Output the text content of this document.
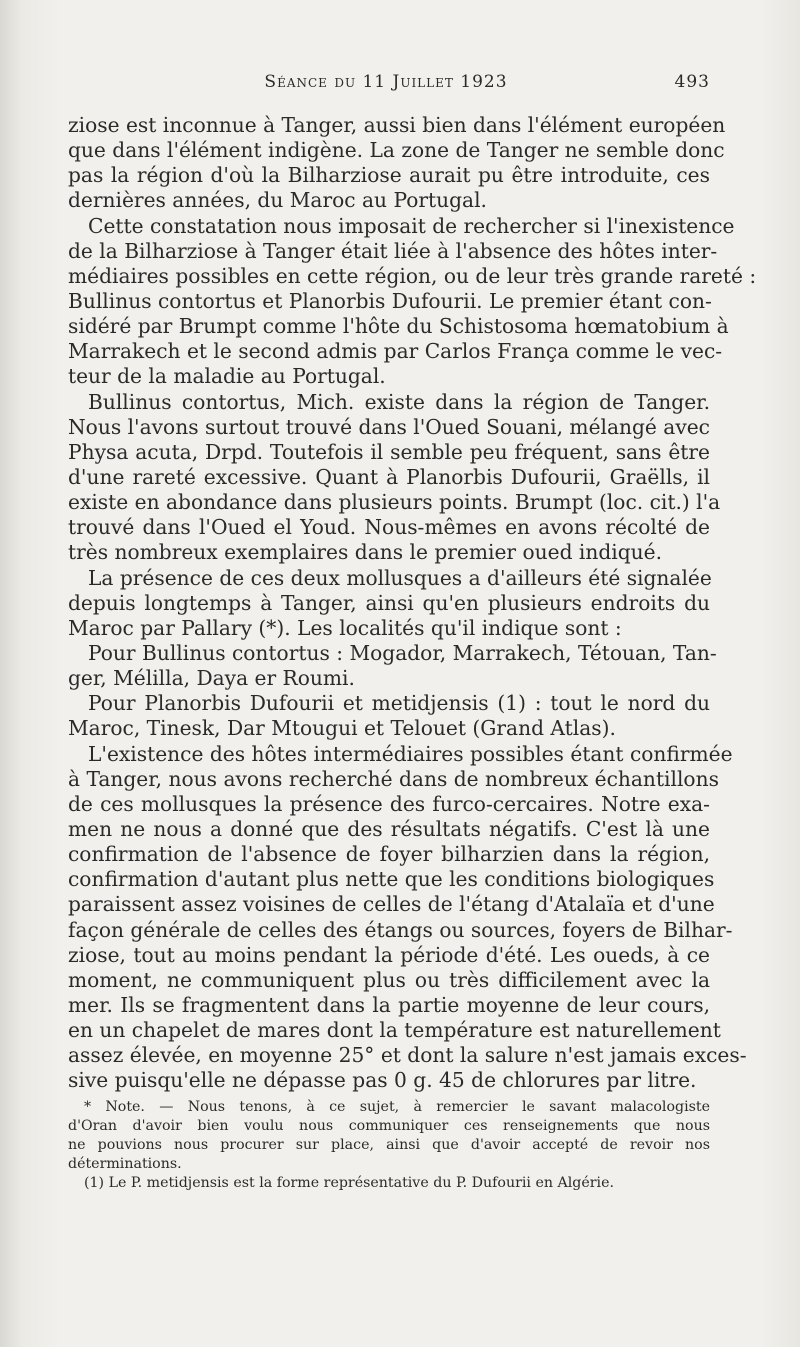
Séance du 11 Juillet 1923	493
ziose est inconnue à Tanger, aussi bien dans l'élément européen
que dans l'élément indigène. La zone de Tanger ne semble donc
pas la région d'où la Bilharziose aurait pu être introduite, ces
dernières années, du Maroc au Portugal.
Cette constatation nous imposait de rechercher si l'inexistence
de la Bilharziose à Tanger était liée à l'absence des hôtes inter-
médiaires possibles en cette région, ou de leur très grande rareté :
Bullinus contortus et Planorbis Dufourii. Le premier étant con-
sidéré par Brumpt comme l'hôte du Schistosoma hœmatobium à
Marrakech et le second admis par Carlos França comme le vec-
teur de la maladie au Portugal.
Bullinus contortus, Mich. existe dans la région de Tanger.
Nous l'avons surtout trouvé dans l'Oued Souani, mélangé avec
Physa acuta, Drpd. Toutefois il semble peu fréquent, sans être
d'une rareté excessive. Quant à Planorbis Dufourii, Graëlls, il
existe en abondance dans plusieurs points. Brumpt (loc. cit.) l'a
trouvé dans l'Oued el Youd. Nous-mêmes en avons récolté de
très nombreux exemplaires dans le premier oued indiqué.
La présence de ces deux mollusques a d'ailleurs été signalée
depuis longtemps à Tanger, ainsi qu'en plusieurs endroits du
Maroc par Pallary (*). Les localités qu'il indique sont :
Pour Bullinus contortus : Mogador, Marrakech, Tétouan, Tan-
ger, Mélilla, Daya er Roumi.
Pour Planorbis Dufourii et metidjensis (1) : tout le nord du
Maroc, Tinesk, Dar Mtougui et Telouet (Grand Atlas).
L'existence des hôtes intermédiaires possibles étant confirmée
à Tanger, nous avons recherché dans de nombreux échantillons
de ces mollusques la présence des furco-cercaires. Notre exa-
men ne nous a donné que des résultats négatifs. C'est là une
confirmation de l'absence de foyer bilharzien dans la région,
confirmation d'autant plus nette que les conditions biologiques
paraissent assez voisines de celles de l'étang d'Atalaïa et d'une
façon générale de celles des étangs ou sources, foyers de Bilhar-
ziose, tout au moins pendant la période d'été. Les oueds, à ce
moment, ne communiquent plus ou très difficilement avec la
mer. Ils se fragmentent dans la partie moyenne de leur cours,
en un chapelet de mares dont la température est naturellement
assez élevée, en moyenne 25° et dont la salure n'est jamais exces-
sive puisqu'elle ne dépasse pas 0 g. 45 de chlorures par litre.
* Note. — Nous tenons, à ce sujet, à remercier le savant malacologiste
d'Oran d'avoir bien voulu nous communiquer ces renseignements que nous
ne pouvions nous procurer sur place, ainsi que d'avoir accepté de revoir nos
déterminations.
(1) Le P. metidjensis est la forme représentative du P. Dufourii en Algérie.
